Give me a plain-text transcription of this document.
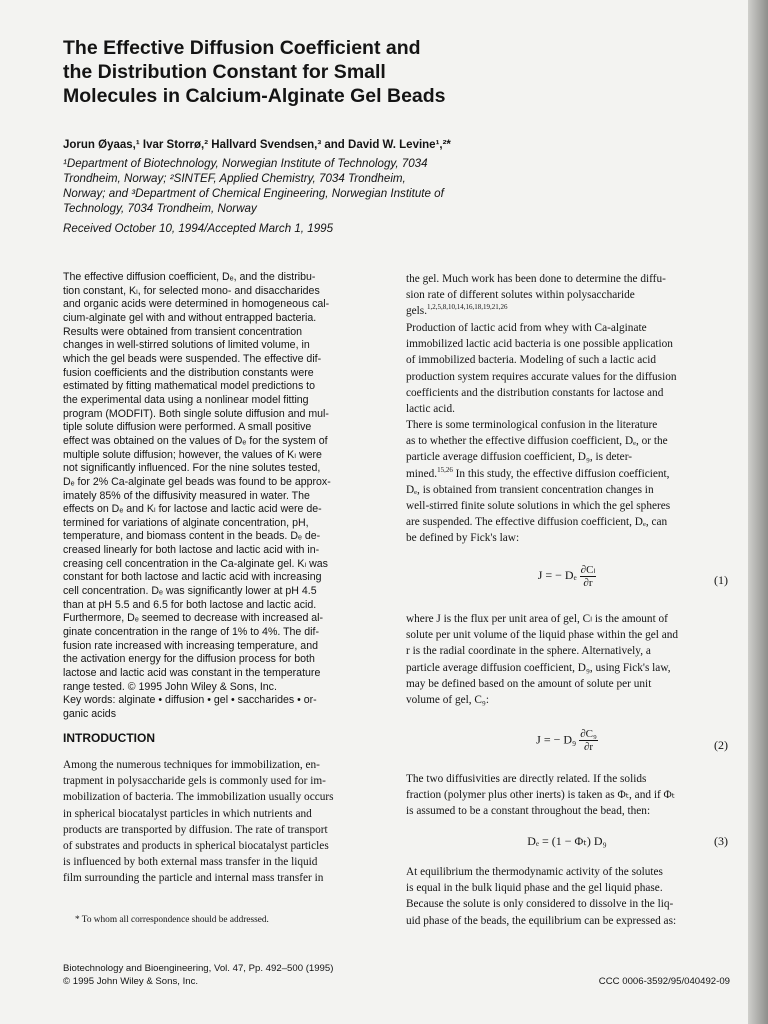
The Effective Diffusion Coefficient and
the Distribution Constant for Small
Molecules in Calcium-Alginate Gel Beads
Jorun Øyaas,¹ Ivar Storrø,² Hallvard Svendsen,³ and David W. Levine¹,²*
¹Department of Biotechnology, Norwegian Institute of Technology, 7034
Trondheim, Norway; ²SINTEF, Applied Chemistry, 7034 Trondheim,
Norway; and ³Department of Chemical Engineering, Norwegian Institute of
Technology, 7034 Trondheim, Norway
Received October 10, 1994/Accepted March 1, 1995
The effective diffusion coefficient, Dₑ, and the distribu-
tion constant, Kₗ, for selected mono- and disaccharides
and organic acids were determined in homogeneous cal-
cium-alginate gel with and without entrapped bacteria.
Results were obtained from transient concentration
changes in well-stirred solutions of limited volume, in
which the gel beads were suspended. The effective dif-
fusion coefficients and the distribution constants were
estimated by fitting mathematical model predictions to
the experimental data using a nonlinear model fitting
program (MODFIT). Both single solute diffusion and mul-
tiple solute diffusion were performed. A small positive
effect was obtained on the values of Dₑ for the system of
multiple solute diffusion; however, the values of Kₗ were
not significantly influenced. For the nine solutes tested,
Dₑ for 2% Ca-alginate gel beads was found to be approx-
imately 85% of the diffusivity measured in water. The
effects on Dₑ and Kₗ for lactose and lactic acid were de-
termined for variations of alginate concentration, pH,
temperature, and biomass content in the beads. Dₑ de-
creased linearly for both lactose and lactic acid with in-
creasing cell concentration in the Ca-alginate gel. Kₗ was
constant for both lactose and lactic acid with increasing
cell concentration. Dₑ was significantly lower at pH 4.5
than at pH 5.5 and 6.5 for both lactose and lactic acid.
Furthermore, Dₑ seemed to decrease with increased al-
ginate concentration in the range of 1% to 4%. The dif-
fusion rate increased with increasing temperature, and
the activation energy for the diffusion process for both
lactose and lactic acid was constant in the temperature
range tested. © 1995 John Wiley & Sons, Inc.
Key words: alginate • diffusion • gel • saccharides • or-
ganic acids
INTRODUCTION
Among the numerous techniques for immobilization, en-
trapment in polysaccharide gels is commonly used for im-
mobilization of bacteria. The immobilization usually occurs
in spherical biocatalyst particles in which nutrients and
products are transported by diffusion. The rate of transport
of substrates and products in spherical biocatalyst particles
is influenced by both external mass transfer in the liquid
film surrounding the particle and internal mass transfer in
* To whom all correspondence should be addressed.
Biotechnology and Bioengineering, Vol. 47, Pp. 492–500 (1995)
© 1995 John Wiley & Sons, Inc.	CCC 0006-3592/95/040492-09
the gel. Much work has been done to determine the diffu-
sion rate of different solutes within polysaccharide
gels.$^{1,2,5,8,10,14,16,18,19,21,26}$
Production of lactic acid from whey with Ca-alginate
immobilized lactic acid bacteria is one possible application
of immobilized bacteria. Modeling of such a lactic acid
production system requires accurate values for the diffusion
coefficients and the distribution constants for lactose and
lactic acid.
There is some terminological confusion in the literature
as to whether the effective diffusion coefficient, Dₑ, or the
particle average diffusion coefficient, D₉, is deter-
mined.$^{15,26}$ In this study, the effective diffusion coefficient,
Dₑ, is obtained from transient concentration changes in
well-stirred finite solute solutions in which the gel spheres
are suspended. The effective diffusion coefficient, Dₑ, can
be defined by Fick's law:
J = − Dₑ $\frac{\text{∂Cₗ}}{\partial r}$	(1)
where J is the flux per unit area of gel, Cₗ is the amount of
solute per unit volume of the liquid phase within the gel and
r is the radial coordinate in the sphere. Alternatively, a
particle average diffusion coefficient, D₉, using Fick's law,
may be defined based on the amount of solute per unit
volume of gel, C₉:
J = − $D_9 \frac{\text{∂C₉}}{\partial r}$	(2)
The two diffusivities are directly related. If the solids
fraction (polymer plus other inerts) is taken as Φₜ, and if Φₜ
is assumed to be a constant throughout the bead, then:
Dₑ = (1 − Φₜ) D₉	(3)
At equilibrium the thermodynamic activity of the solutes
is equal in the bulk liquid phase and the gel liquid phase.
Because the solute is only considered to dissolve in the liq-
uid phase of the beads, the equilibrium can be expressed as:
